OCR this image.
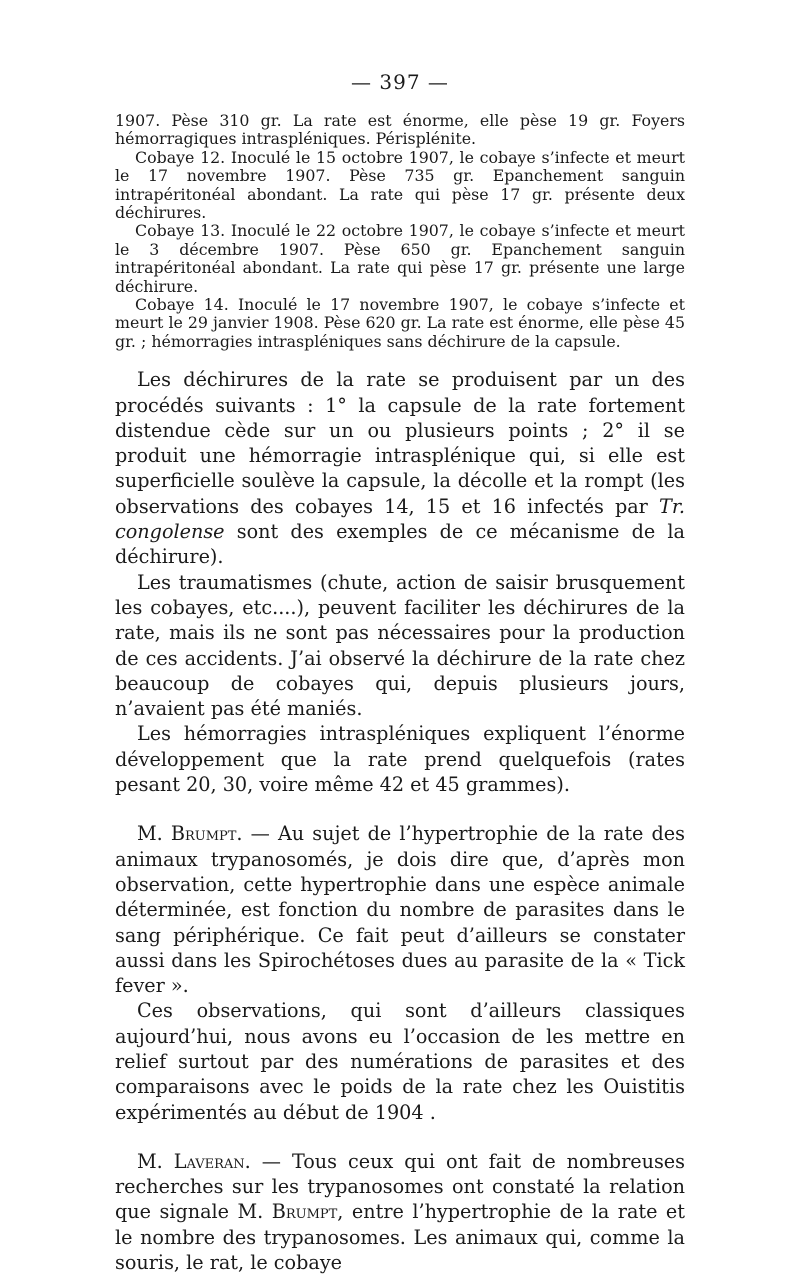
— 397 —

1907. Pèse 310 gr. La rate est énorme, elle pèse 19 gr. Foyers hémorragiques intraspléniques. Périsplénite.

Cobaye 12. Inoculé le 15 octobre 1907, le cobaye s’infecte et meurt le 17 novembre 1907. Pèse 735 gr. Epanchement sanguin intrapéritonéal abondant. La rate qui pèse 17 gr. présente deux déchirures.

Cobaye 13. Inoculé le 22 octobre 1907, le cobaye s’infecte et meurt le 3 décembre 1907. Pèse 650 gr. Epanchement sanguin intrapéritonéal abondant. La rate qui pèse 17 gr. présente une large déchirure.

Cobaye 14. Inoculé le 17 novembre 1907, le cobaye s’infecte et meurt le 29 janvier 1908. Pèse 620 gr. La rate est énorme, elle pèse 45 gr. ; hémorragies intraspléniques sans déchirure de la capsule.

Les déchirures de la rate se produisent par un des procédés suivants : 1° la capsule de la rate fortement distendue cède sur un ou plusieurs points ; 2° il se produit une hémorragie intrasplénique qui, si elle est superficielle soulève la capsule, la décolle et la rompt (les observations des cobayes 14, 15 et 16 infectés par Tr. congolense sont des exemples de ce mécanisme de la déchirure).

Les traumatismes (chute, action de saisir brusquement les cobayes, etc....), peuvent faciliter les déchirures de la rate, mais ils ne sont pas nécessaires pour la production de ces accidents. J’ai observé la déchirure de la rate chez beaucoup de cobayes qui, depuis plusieurs jours, n’avaient pas été maniés.

Les hémorragies intraspléniques expliquent l’énorme développement que la rate prend quelquefois (rates pesant 20, 30, voire même 42 et 45 grammes).

M. Brumpt. — Au sujet de l’hypertrophie de la rate des animaux trypanosomés, je dois dire que, d’après mon observation, cette hypertrophie dans une espèce animale déterminée, est fonction du nombre de parasites dans le sang périphérique. Ce fait peut d’ailleurs se constater aussi dans les Spirochétoses dues au parasite de la « Tick fever ».

Ces observations, qui sont d’ailleurs classiques aujourd’hui, nous avons eu l’occasion de les mettre en relief surtout par des numérations de parasites et des comparaisons avec le poids de la rate chez les Ouistitis expérimentés au début de 1904 .

M. Laveran. — Tous ceux qui ont fait de nombreuses recherches sur les trypanosomes ont constaté la relation que signale M. Brumpt, entre l’hypertrophie de la rate et le nombre des trypanosomes. Les animaux qui, comme la souris, le rat, le cobaye
